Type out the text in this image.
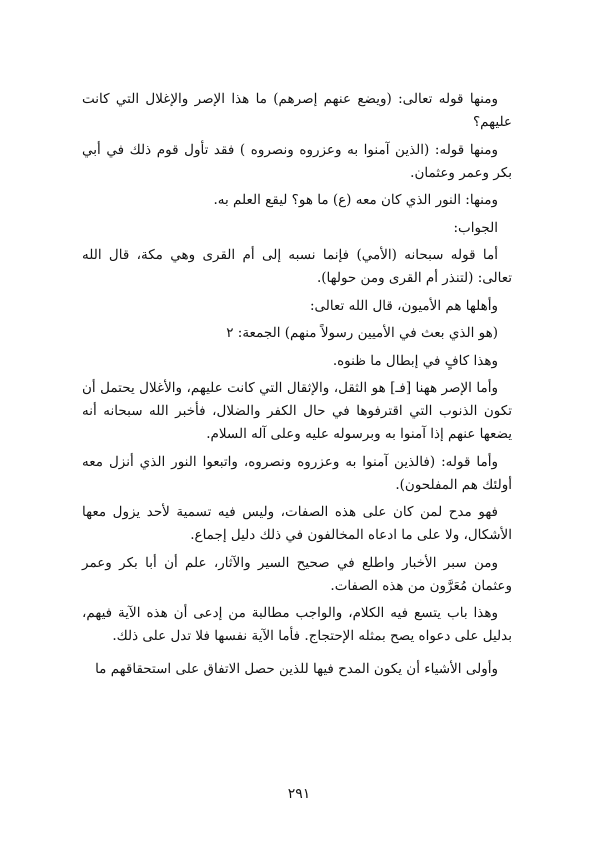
ومنها قوله تعالى: (ويضع عنهم إصرهم) ما هذا الإصر والإغلال التي كانت عليهم؟

ومنها قوله: (الذين آمنوا به وعزروه ونصروه ) فقد تأول قوم ذلك في أبي بكر وعمر وعثمان.

ومنها: النور الذي كان معه (ع) ما هو؟ ليقع العلم به.

الجواب:

أما قوله سبحانه (الأمي) فإنما نسبه إلى أم القرى وهي مكة، قال الله تعالى: (لتنذر أم القرى ومن حولها).

وأهلها هم الأميون، قال الله تعالى:

(هو الذي بعث في الأميين رسولاً منهم) الجمعة: ٢

وهذا كافٍ في إبطال ما ظنوه.

وأما الإصر ههنا [فـ] هو الثقل، والإثقال التي كانت عليهم، والأغلال يحتمل أن تكون الذنوب التي اقترفوها في حال الكفر والضلال، فأخبر الله سبحانه أنه يضعها عنهم إذا آمنوا به وبرسوله عليه وعلى آله السلام.

وأما قوله: (فالذين آمنوا به وعزروه ونصروه، واتبعوا النور الذي أنزل معه أولئك هم المفلحون).

فهو مدح لمن كان على هذه الصفات، وليس فيه تسمية لأحد يزول معها الأشكال، ولا على ما ادعاه المخالفون في ذلك دليل إجماع.

ومن سبر الأخبار واطلع في صحيح السير والآثار، علم أن أبا بكر وعمر وعثمان مُعَرَّون من هذه الصفات.

وهذا باب يتسع فيه الكلام، والواجب مطالبة من إدعى أن هذه الآية فيهم، بدليل على دعواه يصح بمثله الإحتجاج. فأما الآية نفسها فلا تدل على ذلك.

وأولى الأشياء أن يكون المدح فيها للذين حصل الاتفاق على استحقاقهم ما

٢٩١
